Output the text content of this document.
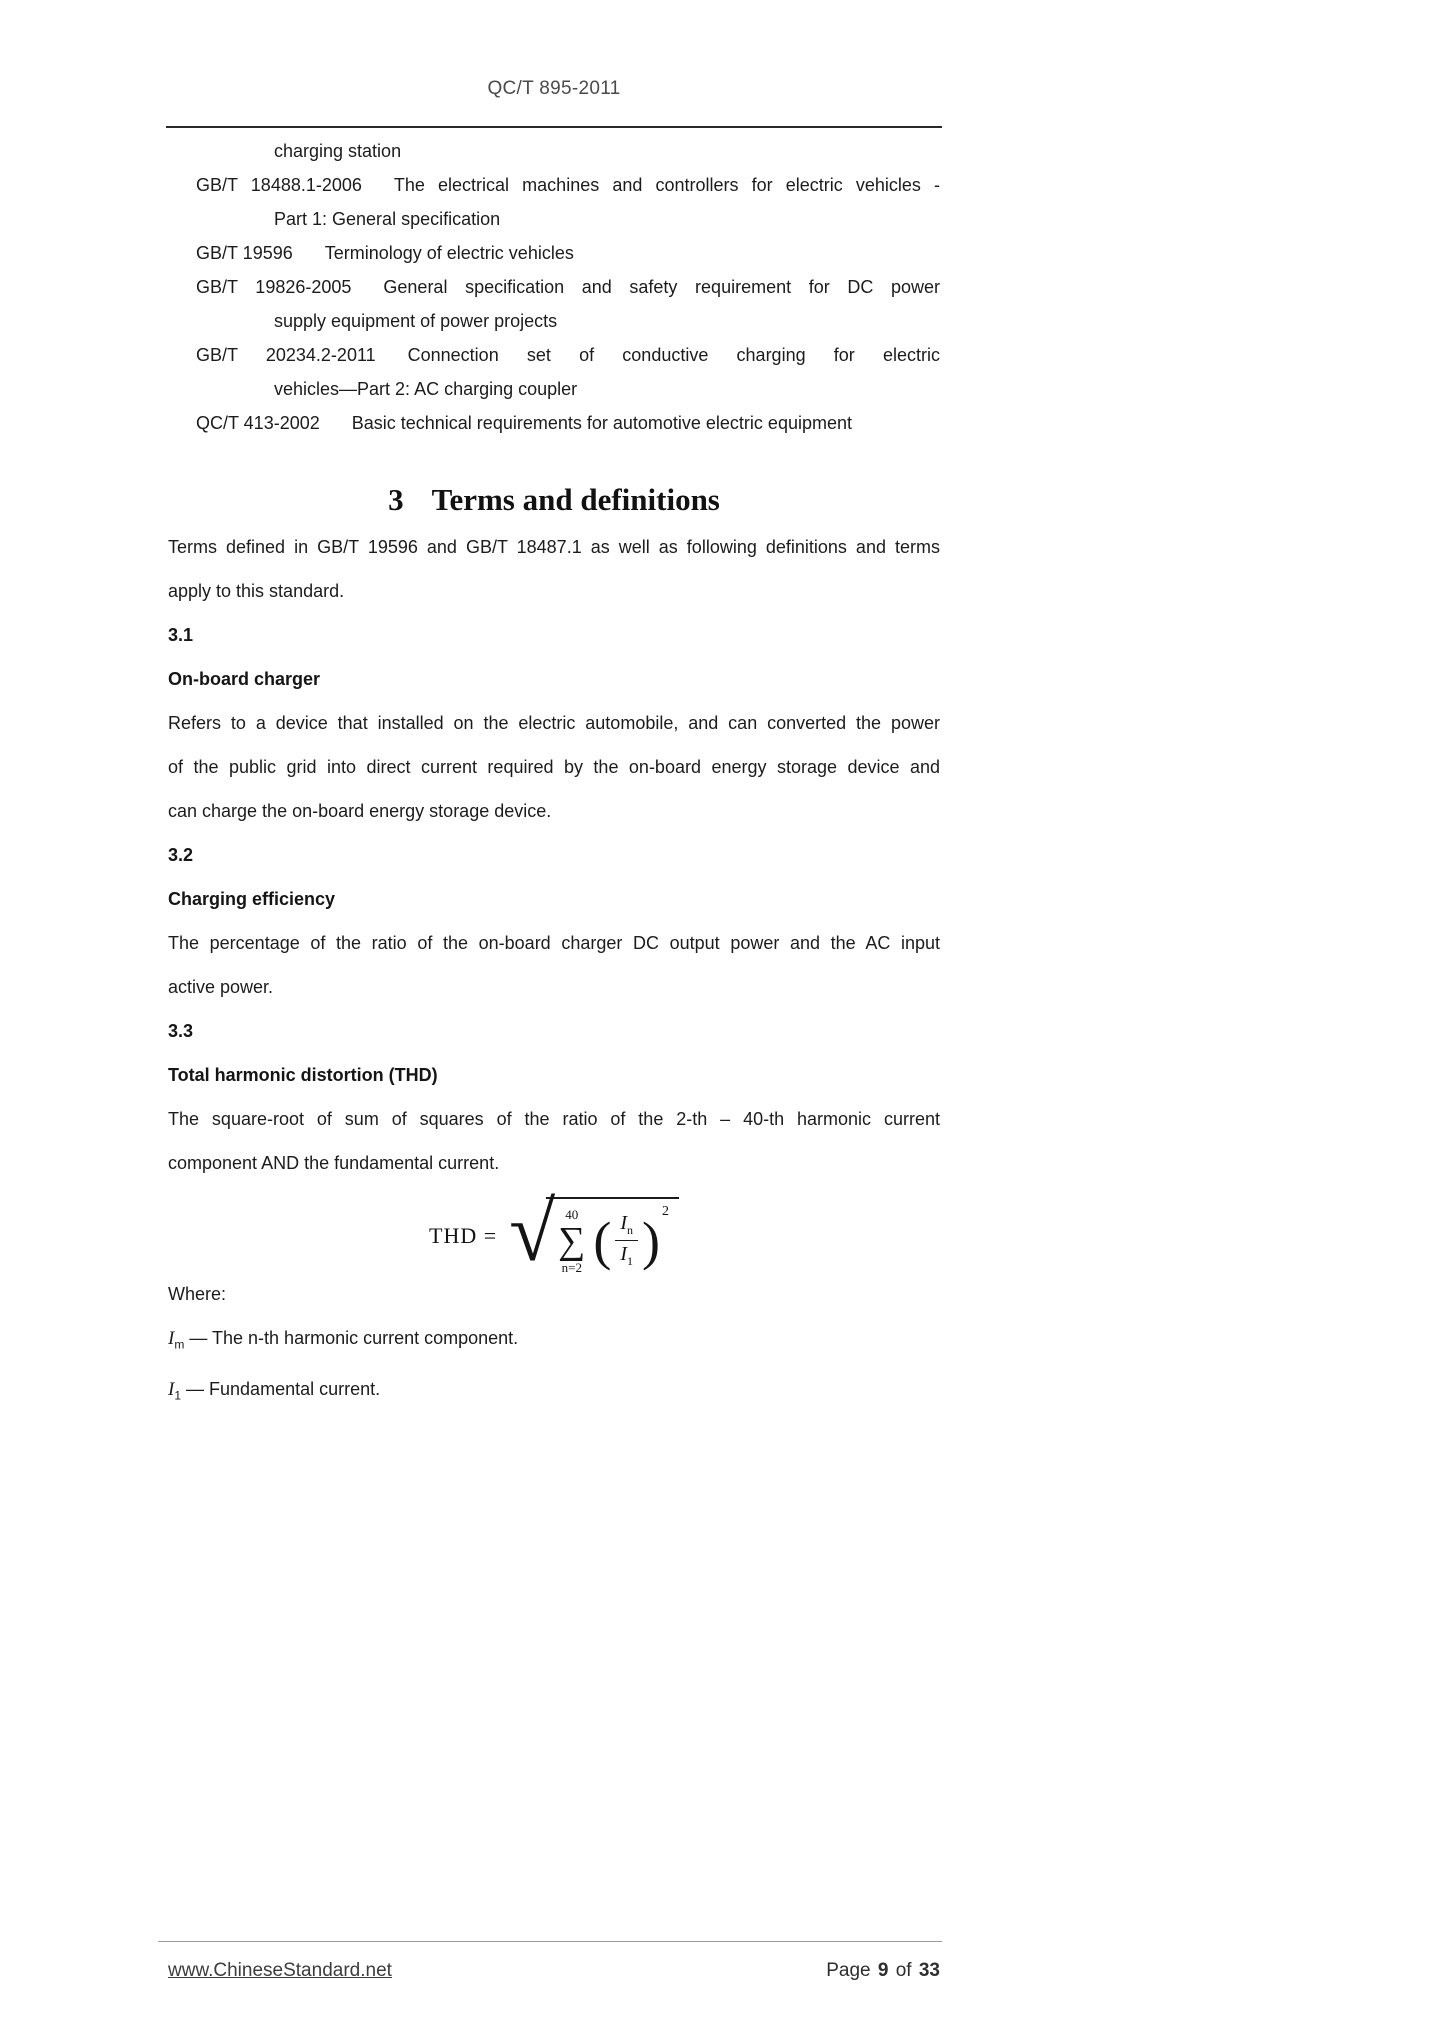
QC/T 895-2011
charging station
GB/T 18488.1-2006 The electrical machines and controllers for electric vehicles -
Part 1: General specification
GB/T 19596 Terminology of electric vehicles
GB/T 19826-2005 General specification and safety requirement for DC power
supply equipment of power projects
GB/T 20234.2-2011 Connection set of conductive charging for electric
vehicles—Part 2: AC charging coupler
QC/T 413-2002 Basic technical requirements for automotive electric equipment
3 Terms and definitions
Terms defined in GB/T 19596 and GB/T 18487.1 as well as following definitions and terms
apply to this standard.
3.1
On-board charger
Refers to a device that installed on the electric automobile, and can converted the power
of the public grid into direct current required by the on-board energy storage device and
can charge the on-board energy storage device.
3.2
Charging efficiency
The percentage of the ratio of the on-board charger DC output power and the AC input
active power.
3.3
Total harmonic distortion (THD)
The square-root of sum of squares of the ratio of the 2-th – 40-th harmonic current
component AND the fundamental current.
THD = √ 40
∑
n=2 ( $\frac{I_n}{I_1}$ ) 2
Where:
$I_m$ — The n-th harmonic current component.
$I_1$ — Fundamental current.
www.ChineseStandard.net	Page 9 of 33
